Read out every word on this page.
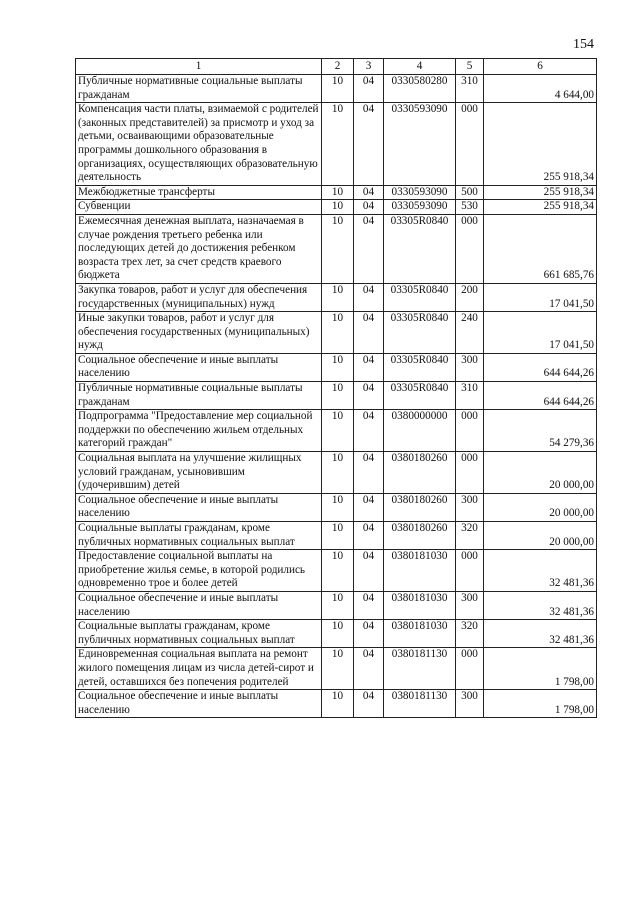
154
1	2	3	4	5	6
Публичные нормативные социальные выплаты гражданам	10	04	0330580280	310	4 644,00
Компенсация части платы, взимаемой с родителей (законных представителей) за присмотр и уход за детьми, осваивающими образовательные программы дошкольного образования в организациях, осуществляющих образовательную деятельность	10	04	0330593090	000	255 918,34
Межбюджетные трансферты	10	04	0330593090	500	255 918,34
Субвенции	10	04	0330593090	530	255 918,34
Ежемесячная денежная выплата, назначаемая в случае рождения третьего ребенка или последующих детей до достижения ребенком возраста трех лет, за счет средств краевого бюджета	10	04	03305R0840	000	661 685,76
Закупка товаров, работ и услуг для обеспечения государственных (муниципальных) нужд	10	04	03305R0840	200	17 041,50
Иные закупки товаров, работ и услуг для обеспечения государственных (муниципальных) нужд	10	04	03305R0840	240	17 041,50
Социальное обеспечение и иные выплаты населению	10	04	03305R0840	300	644 644,26
Публичные нормативные социальные выплаты гражданам	10	04	03305R0840	310	644 644,26
Подпрограмма "Предоставление мер социальной поддержки по обеспечению жильем отдельных категорий граждан"	10	04	0380000000	000	54 279,36
Социальная выплата на улучшение жилищных условий гражданам, усыновившим (удочерившим) детей	10	04	0380180260	000	20 000,00
Социальное обеспечение и иные выплаты населению	10	04	0380180260	300	20 000,00
Социальные выплаты гражданам, кроме публичных нормативных социальных выплат	10	04	0380180260	320	20 000,00
Предоставление социальной выплаты на приобретение жилья семье, в которой родились одновременно трое и более детей	10	04	0380181030	000	32 481,36
Социальное обеспечение и иные выплаты населению	10	04	0380181030	300	32 481,36
Социальные выплаты гражданам, кроме публичных нормативных социальных выплат	10	04	0380181030	320	32 481,36
Единовременная социальная выплата на ремонт жилого помещения лицам из числа детей-сирот и детей, оставшихся без попечения родителей	10	04	0380181130	000	1 798,00
Социальное обеспечение и иные выплаты населению	10	04	0380181130	300	1 798,00
